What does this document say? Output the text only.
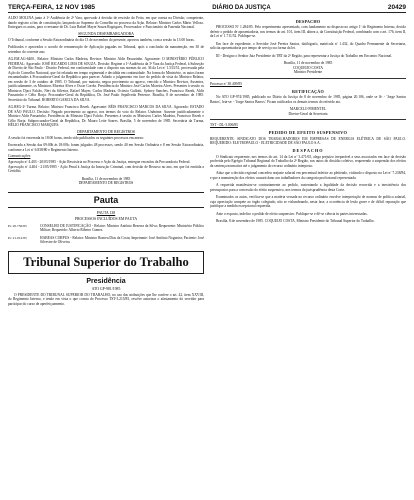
TERÇA-FEIRA, 12 NOV 1985	DIÁRIO DA JUSTIÇA	20429

ALDO MOLINA junto à 1ª Audiência de 2ª Vara, aprovado à decisão de rescisão do Feito, em que consta na Divisão, competente, dando registro a fins de constituição, lançando ao Supremo do Conselho no processo da Ação. Relator: Ministro Carlos Mário Velloso. Entregues os autos, para o reexame do Dr. Luiz Rafael Mayer Souza Rogrigues, Processador: e Funcionário da Fazenda Nacional.

SEGUNDA DESEMBARGADORA

O Tribunal, conforme a Sessão Extraordinária do dia 13 de novembro do presente, aprovou também, com a sessão às 13:00 horas.

Publicados e aprovados o acordo de remuneração de Aplicação pagadas no Tribunal, após a conclusão da manutenção, em 30 de setembro do corrente ano.

AG.EM.AG-6400.. Relator: Ministro Carlos Madeira, Revisor: Ministro Aldir Passarinho. Agravante: O MINISTÉRIO PÚBLICO FEDERAL; Agravado: JOSÉ RICARDO LIMA DE SOUZA. Decisão: Regime a 1ª Audiência da 3ª Vara da Justiça Federal, à Subseção de Direito de São Paulo - Distrito Federal, em conformidade com o disposto nas normas do art. 36 da Lei nº 1.533/51, processada pela Ação do Conselho Nacional, que foi relatada em tempo regimental e decidida em continuidade. Na forma do Ministério, os autos foram encaminhados à Procuradoria-Geral da República para parecer. Adiado o julgamento em face do pedido de vista do Ministro Relator, em sessão de 3 de outubro de 1985. O Tribunal, por maioria, negou provimento ao agravo, vencido o Ministro Revisor, Ausentes, justificadamente, os Ministros Moreira Alves e Oscar Corrêa. Presidência do Ministro José Carlos Moreira Alves. Presentes à sessão os Ministros Djaci Falcão, Néri da Silveira, Rafael Mayer, Carlos Madeira, Octavio Gallotti, Sydney Sanches, Francisco Rezek, Aldir Passarinho e Célio Borja. Procurador-Geral da República, Dr. José Paulo Sepúlveda Pertence. Brasília, 8 de novembro de 1985. Secretário do Tribunal. ROBERTO GARCIA DA SILVA.

AG.REG-2ª Turma. Relator: Ministro Francisco Rezek. Agravante: RÉIS FRANCISCO MARCOS DA SILVA. Agravado: ESTADO DE SÃO PAULO. Decisão: Negado provimento ao agravo, nos termos do voto do Relator. Unânime. Ausente justificadamente o Ministro Aldir Passarinho. Presidência do Ministro Djaci Falcão. Presentes à sessão os Ministros Carlos Madeira, Francisco Rezek e Célio Borja. Subprocurador-Geral da República, Dr. Mauro Leite Soares. Brasília, 5 de novembro de 1985. Secretária da Turma, HÉLIO FRANCISCO MARQUES.

DEPARTAMENTO DE REGISTROS

A sessão foi encerrada às 18:00 horas, tendo sido publicados os seguintes processos em anexo:

Encerrada a Sessão das 09:00h às 18:00h; foram julgados 48 processos, sendo 40 em Sessão Ordinária e 8 em Sessão Extraordinária, conforme a Lei nº 6.838/80 e Regimento Interno.

Comunicações

Aprovação nº 4.403 - 20/05/1985 - Ação Rescisória no Processo e Ação da Justiça, entregue em mãos da Procuradoria Federal.

Aprovação nº 4.404 - 21/05/1985 - Ação Penal à Justiça da Instrução Criminal, com decisão de Recurso no ano, em que foi emitida a Certidão.

Brasília, 11 de novembro de 1985

DEPARTAMENTO DE REGISTROS

Pauta
PAUTA 138
PROCESSOS INCLUÍDOS EM PAUTA
Pr. 20.756/85	CONSELHO DE JUSTIFICAÇÃO - Relator: Ministro Antônio Bezerra da Silva; Requerente: Ministério Público Militar; Requerido: Alberto Ribeiro Gomes.

Pr. 21.012/85	HABEAS CORPUS - Relator: Ministro Romeu Dias da Costa; Impetrante: José Antônio Nogueira; Paciente: José Silvestre de Oliveira.

Tribunal Superior do Trabalho
Presidência
ATO GP-981/1985

O PRESIDENTE DO TRIBUNAL SUPERIOR DO TRABALHO, no uso das atribuições que lhe confere o art. 42, item XXVIII, do Regimento Interno, e tendo em vista o que consta do Processo TST-3.215/85, resolve autorizar o afastamento do servidor para participar do curso de aperfeiçoamento.

DESPACHO

PROCESSO Nº 1.284/85. Pelo requerimento apresentado, com fundamento no disposto no artigo 1º do Regimento Interno, decido deferir o pedido de aposentadoria, nos termos do art. 101, item III, alínea a, da Constituição Federal, combinado com o art. 176, item II, da Lei nº 1.711/52. Publique-se.

Em face de expediente, o Servidor José Pereira Santos, datilógrafo, matrícula nº 1.432, do Quadro Permanente da Secretaria, solicita aposentadoria por tempo de serviço na forma da lei.

III - Designo o Senhor Juiz Presidente do TRT da 2ª Região, para representar a Justiça do Trabalho em Encontro Nacional.

Brasília, 11 de novembro de 1985

COQUEIJO COSTA

Ministro Presidente

Processo nº 38.409/85

RETIFICAÇÃO

No ATO GP-974/1985, publicado no Diário da Justiça de 8 de novembro de 1985, página 20.106, onde se lê: - 'Jorge Santos Bastos', leia-se: - 'Jorge Santos Barros'. Ficam ratificados os demais termos do referido ato.

MARCELO PIMENTEL

Diretor-Geral da Secretaria

TST - DL-3.006/85

PEDIDO DE EFEITO SUSPENSIVO

REQUERENTE: SINDICATO DOS TRABALHADORES EM EMPRESAS DE ENERGIA ELÉTRICA DE SÃO PAULO. REQUERIDO: ELETROPAULO - ELETRICIDADE DE SÃO PAULO S.A.

DESPACHO

O Sindicato requerente, nos termos do art. 14 da Lei nº 3.471/65, alega prejuízo irreparável a seus associados em face da decisão proferida pelo Egrégio Tribunal Regional do Trabalho da 2ª Região, nos autos do dissídio coletivo, requerendo a suspensão dos efeitos da sentença normativa até o julgamento do recurso ordinário interposto.

Aduz que a decisão regional concedeu reajuste salarial em percentual inferior ao pleiteado, violando o disposto na Lei nº 7.238/84, e que a manutenção dos efeitos causará dano aos trabalhadores da categoria profissional representada.

A requerida manifestou-se contrariamente ao pedido, sustentando a legalidade da decisão recorrida e a inexistência dos pressupostos para a concessão do efeito suspensivo, nos termos da jurisprudência desta Corte.

Examinados os autos, verifica-se que a matéria versada no recurso ordinário envolve interpretação de normas de política salarial, cuja apreciação compete ao órgão colegiado, não se vislumbrando, nesta fase, a ocorrência de lesão grave e de difícil reparação que justifique a medida excepcional requerida.

Ante o exposto, indefiro o pedido de efeito suspensivo. Publique-se e dê-se ciência às partes interessadas.

Brasília, 8 de novembro de 1985. COQUEIJO COSTA, Ministro Presidente do Tribunal Superior do Trabalho.
